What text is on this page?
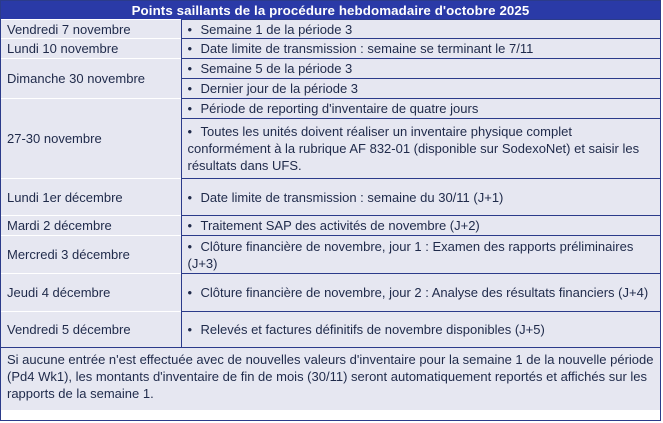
Points saillants de la procédure hebdomadaire d'octobre 2025	
Vendredi 7 novembre	• Semaine 1 de la période 3
Lundi 10 novembre	• Date limite de transmission : semaine se terminant le 7/11
Dimanche 30 novembre	• Semaine 5 de la période 3
	• Dernier jour de la période 3
27-30 novembre	• Période de reporting d'inventaire de quatre jours
	• Toutes les unités doivent réaliser un inventaire physique complet conformément à la rubrique AF 832-01 (disponible sur SodexoNet) et saisir les résultats dans UFS.
Lundi 1er décembre	• Date limite de transmission : semaine du 30/11 (J+1)
Mardi 2 décembre	• Traitement SAP des activités de novembre (J+2)
Mercredi 3 décembre	• Clôture financière de novembre, jour 1 : Examen des rapports préliminaires (J+3)
Jeudi 4 décembre	• Clôture financière de novembre, jour 2 : Analyse des résultats financiers (J+4)
Vendredi 5 décembre	• Relevés et factures définitifs de novembre disponibles (J+5)
Si aucune entrée n'est effectuée avec de nouvelles valeurs d'inventaire pour la semaine 1 de la nouvelle période (Pd4 Wk1), les montants d'inventaire de fin de mois (30/11) seront automatiquement reportés et affichés sur les rapports de la semaine 1.	
